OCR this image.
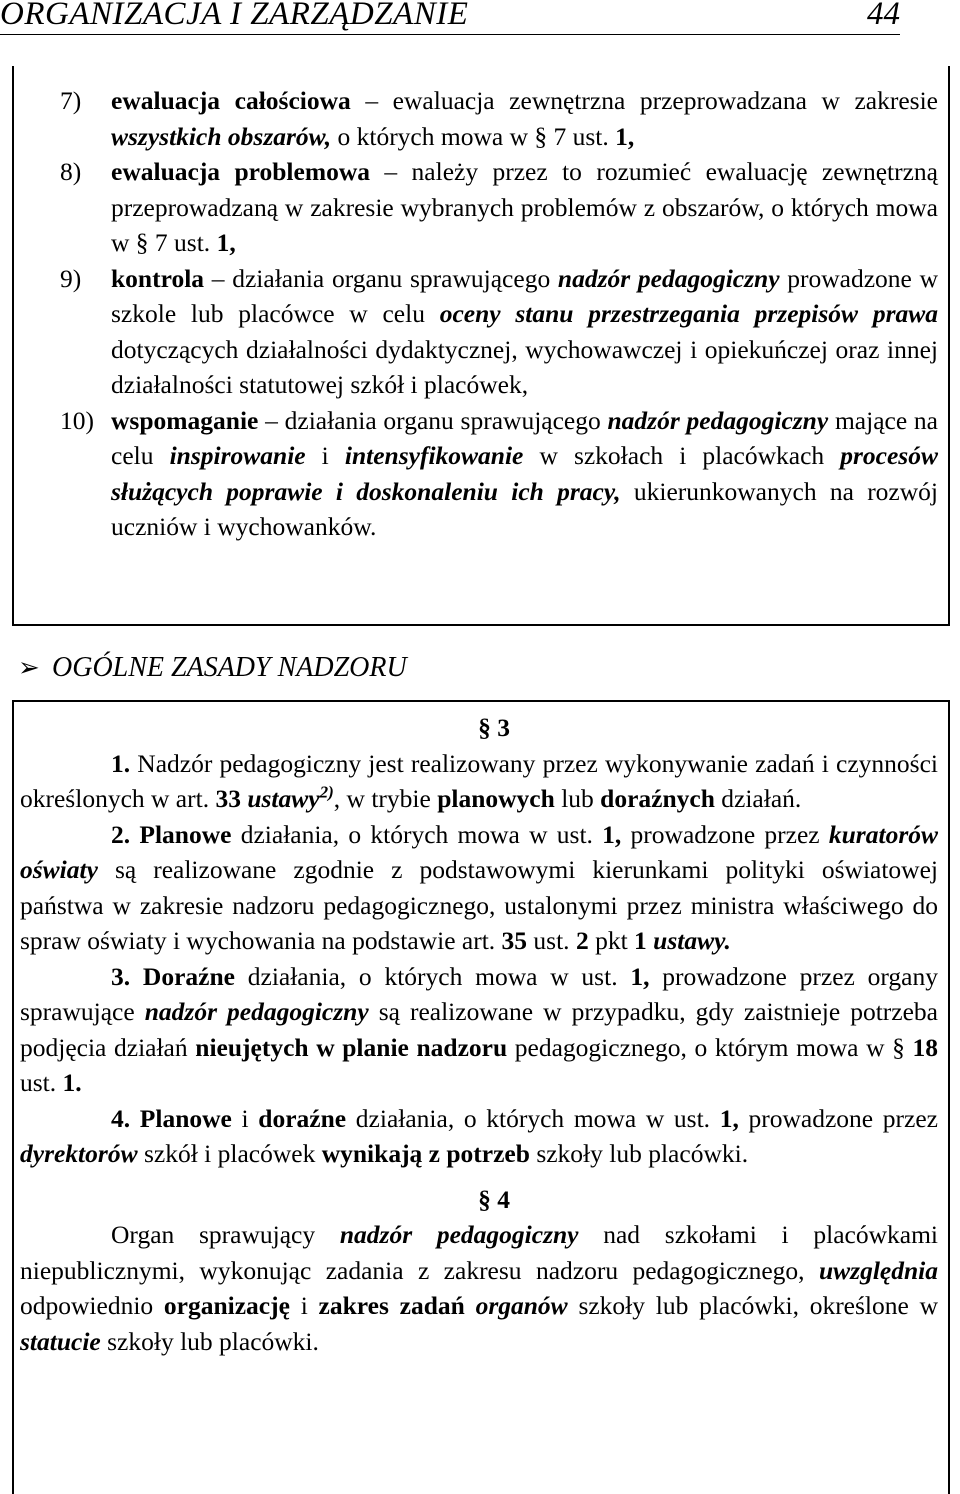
ORGANIZACJA I ZARZĄDZANIE	44
7) ewaluacja całościowa – ewaluacja zewnętrzna przeprowadzana w zakresie wszystkich obszarów, o których mowa w § 7 ust. 1,
8) ewaluacja problemowa – należy przez to rozumieć ewaluację zewnętrzną przeprowadzaną w zakresie wybranych problemów z obszarów, o których mowa w § 7 ust. 1,
9) kontrola – działania organu sprawującego nadzór pedagogiczny prowadzone w szkole lub placówce w celu oceny stanu przestrzegania przepisów prawa dotyczących działalności dydaktycznej, wychowawczej i opiekuńczej oraz innej działalności statutowej szkół i placówek,
10) wspomaganie – działania organu sprawującego nadzór pedagogiczny mające na celu inspirowanie i intensyfikowanie w szkołach i placówkach procesów służących poprawie i doskonaleniu ich pracy, ukierunkowanych na rozwój uczniów i wychowanków.
➢ OGÓLNE ZASADY NADZORU
§ 3
1. Nadzór pedagogiczny jest realizowany przez wykonywanie zadań i czynności określonych w art. 33 ustawy$^{2)}$, w trybie planowych lub doraźnych działań.
2. Planowe działania, o których mowa w ust. 1, prowadzone przez kuratorów oświaty są realizowane zgodnie z podstawowymi kierunkami polityki oświatowej państwa w zakresie nadzoru pedagogicznego, ustalonymi przez ministra właściwego do spraw oświaty i wychowania na podstawie art. 35 ust. 2 pkt 1 ustawy.
3. Doraźne działania, o których mowa w ust. 1, prowadzone przez organy sprawujące nadzór pedagogiczny są realizowane w przypadku, gdy zaistnieje potrzeba podjęcia działań nieujętych w planie nadzoru pedagogicznego, o którym mowa w § 18 ust. 1.
4. Planowe i doraźne działania, o których mowa w ust. 1, prowadzone przez dyrektorów szkół i placówek wynikają z potrzeb szkoły lub placówki.
§ 4
Organ sprawujący nadzór pedagogiczny nad szkołami i placówkami niepublicznymi, wykonując zadania z zakresu nadzoru pedagogicznego, uwzględnia odpowiednio organizację i zakres zadań organów szkoły lub placówki, określone w statucie szkoły lub placówki.
